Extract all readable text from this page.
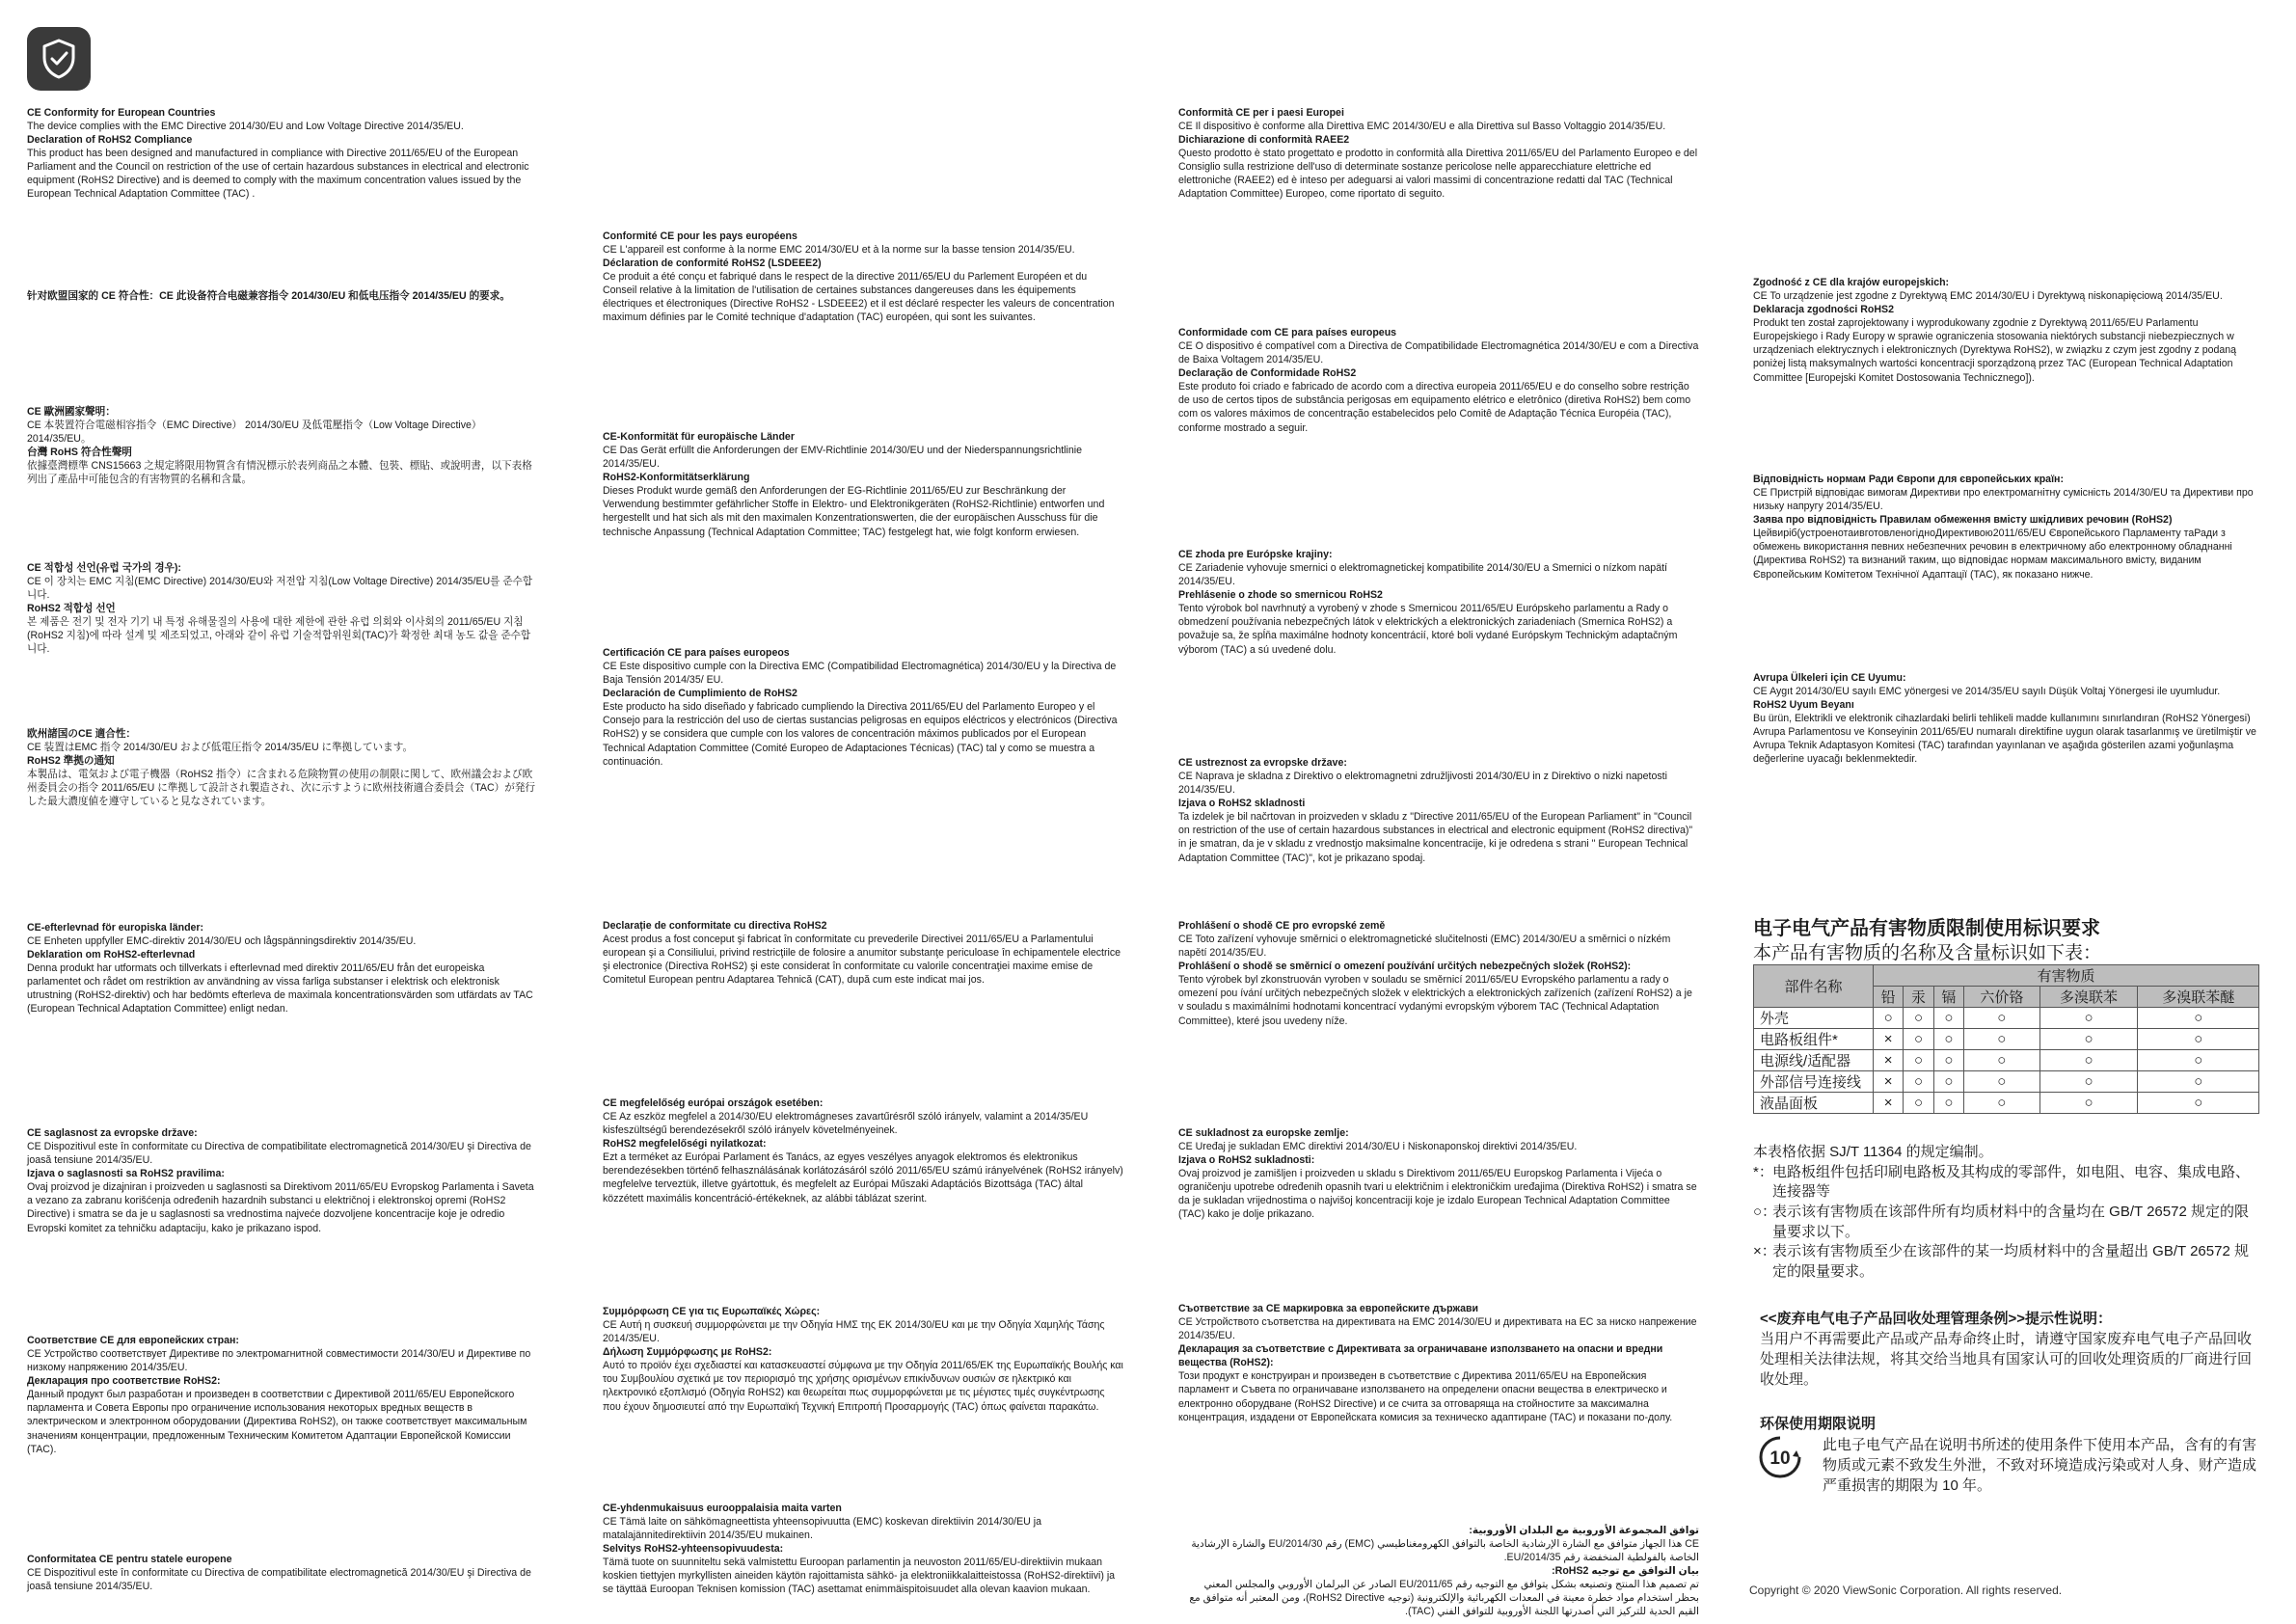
CE Conformity for European Countries

The device complies with the EMC Directive 2014/30/EU and Low Voltage Directive 2014/35/EU.

Declaration of RoHS2 Compliance

This product has been designed and manufactured in compliance with Directive 2011/65/EU of the European Parliament and the Council on restriction of the use of certain hazardous substances in electrical and electronic equipment (RoHS2 Directive) and is deemed to comply with the maximum concentration values issued by the European Technical Adaptation Committee (TAC) .

针对欧盟国家的 CE 符合性：CE 此设备符合电磁兼容指令 2014/30/EU 和低电压指令 2014/35/EU 的要求。

CE 歐洲國家聲明：

CE 本裝置符合電磁相容指令（EMC Directive） 2014/30/EU 及低電壓指令（Low Voltage Directive） 2014/35/EU。

台灣 RoHS 符合性聲明

依據臺灣標準 CNS15663 之規定將限用物質含有情況標示於表列商品之本體、包裝、標貼、或說明書，以下表格列出了產品中可能包含的有害物質的名稱和含量。

CE 적합성 선언(유럽 국가의 경우):

CE 이 장치는 EMC 지침(EMC Directive) 2014/30/EU와 저전압 지침(Low Voltage Directive) 2014/35/EU를 준수합니다.

RoHS2 적합성 선언

본 제품은 전기 및 전자 기기 내 특정 유해물질의 사용에 대한 제한에 관한 유럽 의회와 이사회의 2011/65/EU 지침(RoHS2 지침)에 따라 설계 및 제조되었고, 아래와 같이 유럽 기술적합위원회(TAC)가 확정한 최대 농도 값을 준수합니다.

欧州諸国のCE 適合性：

CE 装置はEMC 指令 2014/30/EU および低電圧指令 2014/35/EU に準拠しています。

RoHS2 準拠の通知

本製品は、電気および電子機器（RoHS2 指令）に含まれる危険物質の使用の制限に関して、欧州議会および欧州委員会の指令 2011/65/EU に準拠して設計され製造され、次に示すように欧州技術適合委員会（TAC）が発行した最大濃度値を遵守していると見なされています。

CE-efterlevnad för europiska länder:

CE Enheten uppfyller EMC-direktiv 2014/30/EU och lågspänningsdirektiv 2014/35/EU.

Deklaration om RoHS2-efterlevnad

Denna produkt har utformats och tillverkats i efterlevnad med direktiv 2011/65/EU från det europeiska parlamentet och rådet om restriktion av användning av vissa farliga substanser i elektrisk och elektronisk utrustning (RoHS2-direktiv) och har bedömts efterleva de maximala koncentrationsvärden som utfärdats av TAC (European Technical Adaptation Committee) enligt nedan.

CE saglasnost za evropske države:

CE Dispozitivul este în conformitate cu Directiva de compatibilitate electromagnetică 2014/30/EU şi Directiva de joasă tensiune 2014/35/EU.

Izjava o saglasnosti sa RoHS2 pravilima:

Ovaj proizvod je dizajniran i proizveden u saglasnosti sa Direktivom 2011/65/EU Evropskog Parlamenta i Saveta a vezano za zabranu korišćenja određenih hazardnih substanci u električnoj i elektronskoj opremi (RoHS2 Directive) i smatra se da je u saglasnosti sa vrednostima najveće dozvoljene koncentracije koje je odredio Evropski komitet za tehničku adaptaciju, kako je prikazano ispod.

Соответствие CE для европейских стран:

CE Устройство соответствует Директиве по электромагнитной совместимости 2014/30/EU и Директиве по низкому напряжению 2014/35/EU.

Декларация про соответствие RoHS2:

Данный продукт был разработан и произведен в соответствии с Директивой 2011/65/EU Европейского парламента и Совета Европы про ограничение использования некоторых вредных веществ в электрическом и электронном оборудовании (Директива RoHS2), он также соответствует максимальным значениям концентрации, предложенным Техническим Комитетом Адаптации Европейской Комиссии (TAC).

Conformitatea CE pentru statele europene

CE Dispozitivul este în conformitate cu Directiva de compatibilitate electromagnetică 2014/30/EU şi Directiva de joasă tensiune 2014/35/EU.

Conformité CE pour les pays européens

CE L'appareil est conforme à la norme EMC 2014/30/EU et à la norme sur la basse tension 2014/35/EU.

Déclaration de conformité RoHS2 (LSDEEE2)

Ce produit a été conçu et fabriqué dans le respect de la directive 2011/65/EU du Parlement Européen et du Conseil relative à la limitation de l'utilisation de certaines substances dangereuses dans les équipements électriques et électroniques (Directive RoHS2 - LSDEEE2) et il est déclaré respecter les valeurs de concentration maximum définies par le Comité technique d'adaptation (TAC) européen, qui sont les suivantes.

CE-Konformität für europäische Länder

CE Das Gerät erfüllt die Anforderungen der EMV-Richtlinie 2014/30/EU und der Niederspannungsrichtlinie 2014/35/EU.

RoHS2-Konformitätserklärung

Dieses Produkt wurde gemäß den Anforderungen der EG-Richtlinie 2011/65/EU zur Beschränkung der Verwendung bestimmter gefährlicher Stoffe in Elektro- und Elektronikgeräten (RoHS2-Richtlinie) entworfen und hergestellt und hat sich als mit den maximalen Konzentrationswerten, die der europäischen Ausschuss für die technische Anpassung (Technical Adaptation Committee; TAC) festgelegt hat, wie folgt konform erwiesen.

Certificación CE para países europeos

CE Este dispositivo cumple con la Directiva EMC (Compatibilidad Electromagnética) 2014/30/EU y la Directiva de Baja Tensión 2014/35/ EU.

Declaración de Cumplimiento de RoHS2

Este producto ha sido diseñado y fabricado cumpliendo la Directiva 2011/65/EU del Parlamento Europeo y el Consejo para la restricción del uso de ciertas sustancias peligrosas en equipos eléctricos y electrónicos (Directiva RoHS2) y se considera que cumple con los valores de concentración máximos publicados por el European Technical Adaptation Committee (Comité Europeo de Adaptaciones Técnicas) (TAC) tal y como se muestra a continuación.

Declarație de conformitate cu directiva RoHS2

Acest produs a fost conceput şi fabricat în conformitate cu prevederile Directivei 2011/65/EU a Parlamentului european şi a Consiliului, privind restricţiile de folosire a anumitor substanţe periculoase în echipamentele electrice şi electronice (Directiva RoHS2) şi este considerat în conformitate cu valorile concentraţiei maxime emise de Comitetul European pentru Adaptarea Tehnică (CAT), după cum este indicat mai jos.

CE megfelelőség európai országok esetében:

CE Az eszköz megfelel a 2014/30/EU elektromágneses zavartűrésről szóló irányelv, valamint a 2014/35/EU kisfeszültségű berendezésekről szóló irányelv követelményeinek.

RoHS2 megfelelőségi nyilatkozat:

Ezt a terméket az Európai Parlament és Tanács, az egyes veszélyes anyagok elektromos és elektronikus berendezésekben történő felhasználásának korlátozásáról szóló 2011/65/EU számú irányelvének (RoHS2 irányelv) megfelelve terveztük, illetve gyártottuk, és megfelelt az Európai Műszaki Adaptációs Bizottsága (TAC) által közzétett maximális koncentráció-értékeknek, az alábbi táblázat szerint.

Συμμόρφωση CE για τις Ευρωπαϊκές Χώρες:

CE Αυτή η συσκευή συμμορφώνεται με την Οδηγία ΗΜΣ της ΕΚ 2014/30/EU και με την Οδηγία Χαμηλής Τάσης 2014/35/EU.

Δήλωση Συμμόρφωσης με RoHS2:

Αυτό το προϊόν έχει σχεδιαστεί και κατασκευαστεί σύμφωνα με την Οδηγία 2011/65/ΕΚ της Ευρωπαϊκής Βουλής και του Συμβουλίου σχετικά με τον περιορισμό της χρήσης ορισμένων επικίνδυνων ουσιών σε ηλεκτρικό και ηλεκτρονικό εξοπλισμό (Οδηγία RoHS2) και θεωρείται πως συμμορφώνεται με τις μέγιστες τιμές συγκέντρωσης που έχουν δημοσιευτεί από την Ευρωπαϊκή Τεχνική Επιτροπή Προσαρμογής (TAC) όπως φαίνεται παρακάτω.

CE-yhdenmukaisuus eurooppalaisia maita varten

CE Tämä laite on sähkömagneettista yhteensopivuutta (EMC) koskevan direktiivin 2014/30/EU ja matalajännitedirektiivin 2014/35/EU mukainen.

Selvitys RoHS2-yhteensopivuudesta:

Tämä tuote on suunniteltu sekä valmistettu Euroopan parlamentin ja neuvoston 2011/65/EU-direktiivin mukaan koskien tiettyjen myrkyllisten aineiden käytön rajoittamista sähkö- ja elektroniikkalaitteistossa (RoHS2-direktiivi) ja se täyttää Euroopan Teknisen komission (TAC) asettamat enimmäispitoisuudet alla olevan kaavion mukaan.

Conformità CE per i paesi Europei

CE Il dispositivo è conforme alla Direttiva EMC 2014/30/EU e alla Direttiva sul Basso Voltaggio 2014/35/EU.

Dichiarazione di conformità RAEE2

Questo prodotto è stato progettato e prodotto in conformità alla Direttiva 2011/65/EU del Parlamento Europeo e del Consiglio sulla restrizione dell'uso di determinate sostanze pericolose nelle apparecchiature elettriche ed elettroniche (RAEE2) ed è inteso per adeguarsi ai valori massimi di concentrazione redatti dal TAC (Technical Adaptation Committee) Europeo, come riportato di seguito.

Conformidade com CE para países europeus

CE O dispositivo é compatível com a Directiva de Compatibilidade Electromagnética 2014/30/EU e com a Directiva de Baixa Voltagem 2014/35/EU.

Declaração de Conformidade RoHS2

Este produto foi criado e fabricado de acordo com a directiva europeia 2011/65/EU e do conselho sobre restrição de uso de certos tipos de substância perigosas em equipamento elétrico e eletrônico (diretiva RoHS2) bem como com os valores máximos de concentração estabelecidos pelo Comitê de Adaptação Técnica Européia (TAC), conforme mostrado a seguir.

CE zhoda pre Európske krajiny:

CE Zariadenie vyhovuje smernici o elektromagnetickej kompatibilite 2014/30/EU a Smernici o nízkom napätí 2014/35/EU.

Prehlásenie o zhode so smernicou RoHS2

Tento výrobok bol navrhnutý a vyrobený v zhode s Smernicou 2011/65/EU Európskeho parlamentu a Rady o obmedzení používania nebezpečných látok v elektrických a elektronických zariadeniach (Smernica RoHS2) a považuje sa, že spĺňa maximálne hodnoty koncentrácií, ktoré boli vydané Európskym Technickým adaptačným výborom (TAC) a sú uvedené dolu.

CE ustreznost za evropske države:

CE Naprava je skladna z Direktivo o elektromagnetni združljivosti 2014/30/EU in z Direktivo o nizki napetosti 2014/35/EU.

Izjava o RoHS2 skladnosti

Ta izdelek je bil načrtovan in proizveden v skladu z "Directive 2011/65/EU of the European Parliament" in "Council on restriction of the use of certain hazardous substances in electrical and electronic equipment (RoHS2 directiva)" in je smatran, da je v skladu z vrednostjo maksimalne koncentracije, ki je odredena s strani " European Technical Adaptation Committee (TAC)", kot je prikazano spodaj.

Prohlášení o shodě CE pro evropské země

CE Toto zařízení vyhovuje směrnici o elektromagnetické slučitelnosti (EMC) 2014/30/EU a směrnici o nízkém napětí 2014/35/EU.

Prohlášení o shodě se směrnicí o omezení používání určitých nebezpečných složek (RoHS2):

Tento výrobek byl zkonstruován vyroben v souladu se směrnicí 2011/65/EU Evropského parlamentu a rady o omezení pou ívání určitých nebezpečných složek v elektrických a elektronických zařízeních (zařízení RoHS2) a je v souladu s maximálními hodnotami koncentrací vydanými evropským výborem TAC (Technical Adaptation Committee), které jsou uvedeny níže.

CE sukladnost za europske zemlje:

CE Uređaj je sukladan EMC direktivi 2014/30/EU i Niskonaponskoj direktivi 2014/35/EU.

Izjava o RoHS2 sukladnosti:

Ovaj proizvod je zamišljen i proizveden u skladu s Direktivom 2011/65/EU Europskog Parlamenta i Vijeća o ograničenju upotrebe određenih opasnih tvari u električnim i elektroničkim uređajima (Direktiva RoHS2) i smatra se da je sukladan vrijednostima o najvišoj koncentraciji koje je izdalo European Technical Adaptation Committee (TAC) kako je dolje prikazano.

Съответствие за CE маркировка за европейските държави

CE Устройството съответства на директивата на ЕМС 2014/30/EU и директивата на ЕС за ниско напрежение 2014/35/EU.

Декларация за съответствие с Директивата за ограничаване използването на опасни и вредни вещества (RoHS2):

Този продукт е конструиран и произведен в съответствие с Директива 2011/65/EU на Европейския парламент и Съвета по ограничаване използването на определени опасни вещества в електрическо и електронно оборудване (RoHS2 Directive) и се счита за отговаряща на стойностите за максимална концентрация, издадени от Европейската комисия за техническо адаптиране (TAC) и показани по-долу.

توافق المجموعة الأوروبية مع البلدان الأوروبية:

CE هذا الجهاز متوافق مع الشارة الإرشادية الخاصة بالتوافق الكهرومغناطيسي (EMC) رقم EU/2014/30 والشارة الإرشادية الخاصة بالفولطية المنخفضة رقم EU/2014/35.

بيان التوافق مع توجيه RoHS2:

تم تصميم هذا المنتج وتصنيعه بشكل يتوافق مع التوجيه رقم EU/2011/65 الصادر عن البرلمان الأوروبي والمجلس المعني بحظر استخدام مواد خطرة معينة في المعدات الكهربائية والإلكترونية (توجيه RoHS2 Directive)، ومن المعتبر أنه متوافق مع القيم الحدية للتركيز التي أصدرتها اللجنة الأوروبية للتوافق الفني (TAC).

Zgodność z CE dla krajów europejskich:

CE To urządzenie jest zgodne z Dyrektywą EMC 2014/30/EU i Dyrektywą niskonapięciową 2014/35/EU.

Deklaracja zgodności RoHS2

Produkt ten został zaprojektowany i wyprodukowany zgodnie z Dyrektywą 2011/65/EU Parlamentu Europejskiego i Rady Europy w sprawie ograniczenia stosowania niektórych substancji niebezpiecznych w urządzeniach elektrycznych i elektronicznych (Dyrektywa RoHS2), w związku z czym jest zgodny z podaną poniżej listą maksymalnych wartości koncentracji sporządzoną przez TAC (European Technical Adaptation Committee [Europejski Komitet Dostosowania Technicznego]).

Відповідність нормам Ради Європи для європейських країн:

CE Пристрій відповідає вимогам Директиви про електромагнітну сумісність 2014/30/EU та Директиви про низьку напругу 2014/35/EU.

Заява про відповідність Правилам обмеження вмісту шкідливих речовин (RoHS2)

Цейвиріб(устроенотаивготовленогідноДирективою2011/65/EU Європейського Парламенту таРади з обмежень використання певних небезпечних речовин в електричному або електронному обладнанні (Директива RoHS2) та визнаний таким, що відповідає нормам максимального вмісту, виданим Європейським Комітетом Технічної Адаптації (TAC), як показано нижче.

Avrupa Ülkeleri için CE Uyumu:

CE Aygıt 2014/30/EU sayılı EMC yönergesi ve 2014/35/EU sayılı Düşük Voltaj Yönergesi ile uyumludur.

RoHS2 Uyum Beyanı

Bu ürün, Elektrikli ve elektronik cihazlardaki belirli tehlikeli madde kullanımını sınırlandıran (RoHS2 Yönergesi) Avrupa Parlamentosu ve Konseyinin 2011/65/EU numaralı direktifine uygun olarak tasarlanmış ve üretilmiştir ve Avrupa Teknik Adaptasyon Komitesi (TAC) tarafından yayınlanan ve aşağıda gösterilen azami yoğunlaşma değerlerine uyacağı beklenmektedir.

电子电气产品有害物质限制使用标识要求
本产品有害物质的名称及含量标识如下表：
部件名称	有害物质					
	铅	汞	镉	六价铬	多溴联苯	多溴联苯醚
外壳	○	○	○	○	○	○
电路板组件*	×	○	○	○	○	○
电源线/适配器	×	○	○	○	○	○
外部信号连接线	×	○	○	○	○	○
液晶面板	×	○	○	○	○	○
本表格依据 SJ/T 11364 的规定编制。
*： 电路板组件包括印刷电路板及其构成的零部件，如电阻、电容、集成电路、连接器等
○：
表示该有害物质在该部件所有均质材料中的含量均在 GB/T 26572 规定的限量要求以下。
×：
表示该有害物质至少在该部件的某一均质材料中的含量超出 GB/T 26572 规定的限量要求。
<<废弃电气电子产品回收处理管理条例>>提示性说明：
当用户不再需要此产品或产品寿命终止时，请遵守国家废弃电气电子产品回收处理相关法律法规，将其交给当地具有国家认可的回收处理资质的厂商进行回收处理。
环保使用期限说明
10
此电子电气产品在说明书所述的使用条件下使用本产品，含有的有害物质或元素不致发生外泄，不致对环境造成污染或对人身、财产造成严重损害的期限为 10 年。
Copyright © 2020 ViewSonic Corporation. All rights reserved.
